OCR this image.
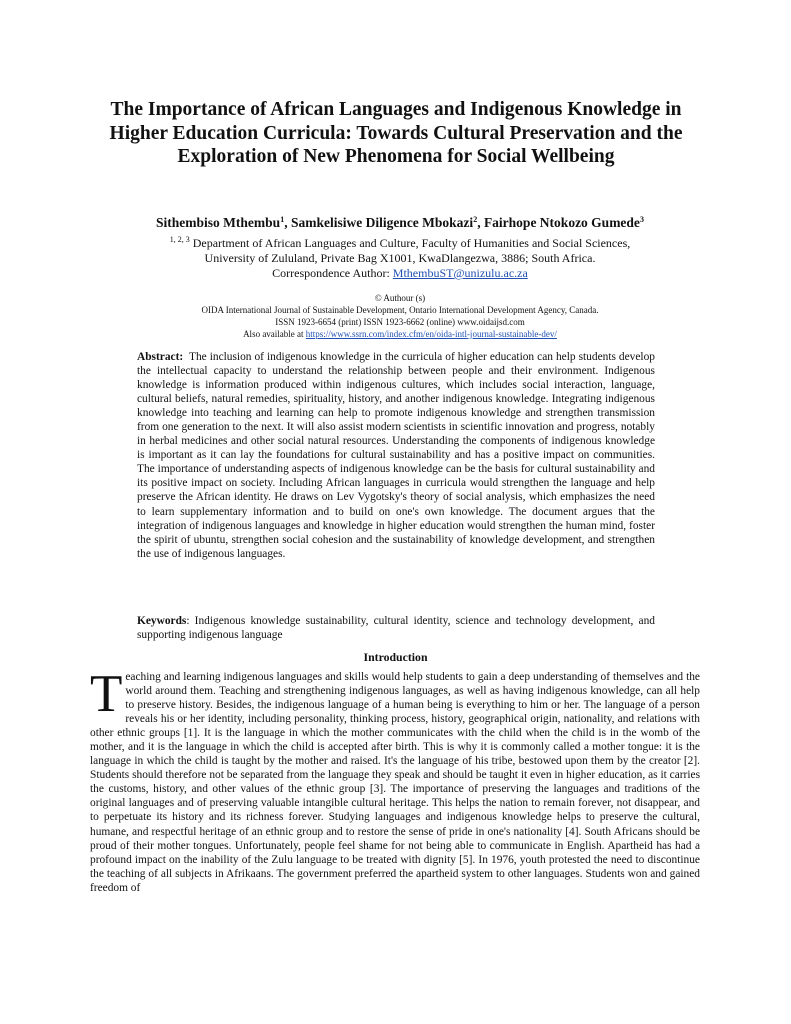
The Importance of African Languages and Indigenous Knowledge in Higher Education Curricula: Towards Cultural Preservation and the Exploration of New Phenomena for Social Wellbeing
Sithembiso Mthembu$^1$, Samkelisiwe Diligence Mbokazi$^2$, Fairhope Ntokozo Gumede$^3$
$^{1, 2, 3}$ Department of African Languages and Culture, Faculty of Humanities and Social Sciences,
University of Zululand, Private Bag X1001, KwaDlangezwa, 3886; South Africa.
Correspondence Author: MthembuST@unizulu.ac.za
© Authour (s)
OIDA International Journal of Sustainable Development, Ontario International Development Agency, Canada.
ISSN 1923-6654 (print) ISSN 1923-6662 (online) www.oidaijsd.com
Also available at https://www.ssrn.com/index.cfm/en/oida-intl-journal-sustainable-dev/

Abstract: The inclusion of indigenous knowledge in the curricula of higher education can help students develop the intellectual capacity to understand the relationship between people and their environment. Indigenous knowledge is information produced within indigenous cultures, which includes social interaction, language, cultural beliefs, natural remedies, spirituality, history, and another indigenous knowledge. Integrating indigenous knowledge into teaching and learning can help to promote indigenous knowledge and strengthen transmission from one generation to the next. It will also assist modern scientists in scientific innovation and progress, notably in herbal medicines and other social natural resources. Understanding the components of indigenous knowledge is important as it can lay the foundations for cultural sustainability and has a positive impact on communities. The importance of understanding aspects of indigenous knowledge can be the basis for cultural sustainability and its positive impact on society. Including African languages in curricula would strengthen the language and help preserve the African identity. He draws on Lev Vygotsky's theory of social analysis, which emphasizes the need to learn supplementary information and to build on one's own knowledge. The document argues that the integration of indigenous languages and knowledge in higher education would strengthen the human mind, foster the spirit of ubuntu, strengthen social cohesion and the sustainability of knowledge development, and strengthen the use of indigenous languages.

Keywords: Indigenous knowledge sustainability, cultural identity, science and technology development, and supporting indigenous language

Introduction

Teaching and learning indigenous languages and skills would help students to gain a deep understanding of themselves and the world around them. Teaching and strengthening indigenous languages, as well as having indigenous knowledge, can all help to preserve history. Besides, the indigenous language of a human being is everything to him or her. The language of a person reveals his or her identity, including personality, thinking process, history, geographical origin, nationality, and relations with other ethnic groups [1]. It is the language in which the mother communicates with the child when the child is in the womb of the mother, and it is the language in which the child is accepted after birth. This is why it is commonly called a mother tongue: it is the language in which the child is taught by the mother and raised. It's the language of his tribe, bestowed upon them by the creator [2]. Students should therefore not be separated from the language they speak and should be taught it even in higher education, as it carries the customs, history, and other values of the ethnic group [3]. The importance of preserving the languages and traditions of the original languages and of preserving valuable intangible cultural heritage. This helps the nation to remain forever, not disappear, and to perpetuate its history and its richness forever. Studying languages and indigenous knowledge helps to preserve the cultural, humane, and respectful heritage of an ethnic group and to restore the sense of pride in one's nationality [4]. South Africans should be proud of their mother tongues. Unfortunately, people feel shame for not being able to communicate in English. Apartheid has had a profound impact on the inability of the Zulu language to be treated with dignity [5]. In 1976, youth protested the need to discontinue the teaching of all subjects in Afrikaans. The government preferred the apartheid system to other languages. Students won and gained freedom of
